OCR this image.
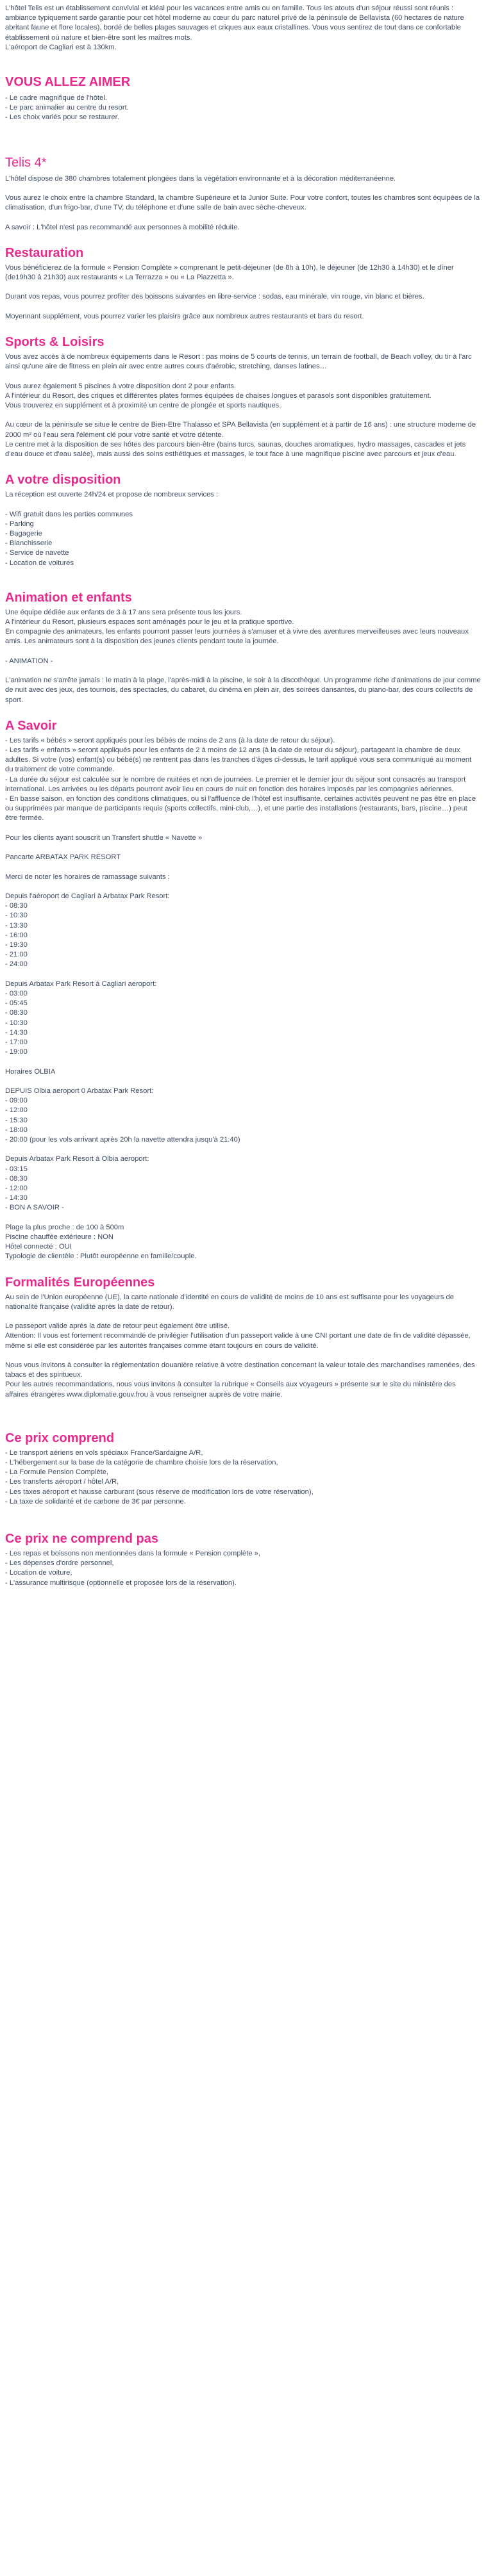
L'hôtel Telis est un établissement convivial et idéal pour les vacances entre amis ou en famille. Tous les atouts d'un séjour réussi sont réunis : ambiance typiquement sarde garantie pour cet hôtel moderne au cœur du parc naturel privé de la péninsule de Bellavista (60 hectares de nature abritant faune et flore locales), bordé de belles plages sauvages et criques aux eaux cristallines. Vous vous sentirez de tout dans ce confortable établissement où nature et bien-être sont les maîtres mots.

L'aéroport de Cagliari est à 130km.

VOUS ALLEZ AIMER
- Le cadre magnifique de l'hôtel.
- Le parc animalier au centre du resort.
- Les choix variés pour se restaurer.
Telis 4*

L'hôtel dispose de 380 chambres totalement plongées dans la végétation environnante et à la décoration méditerranéenne.

Vous aurez le choix entre la chambre Standard, la chambre Supérieure et la Junior Suite. Pour votre confort, toutes les chambres sont équipées de la climatisation, d'un frigo-bar, d'une TV, du téléphone et d'une salle de bain avec sèche-cheveux.

A savoir : L'hôtel n'est pas recommandé aux personnes à mobilité réduite.

Restauration

Vous bénéficierez de la formule « Pension Complète » comprenant le petit-déjeuner (de 8h à 10h), le déjeuner (de 12h30 à 14h30) et le dîner (de19h30 à 21h30) aux restaurants « La Terrazza » ou « La Piazzetta ».

Durant vos repas, vous pourrez profiter des boissons suivantes en libre-service : sodas, eau minérale, vin rouge, vin blanc et bières.

Moyennant supplément, vous pourrez varier les plaisirs grâce aux nombreux autres restaurants et bars du resort.

Sports & Loisirs

Vous avez accès à de nombreux équipements dans le Resort : pas moins de 5 courts de tennis, un terrain de football, de Beach volley, du tir à l'arc ainsi qu'une aire de fitness en plein air avec entre autres cours d'aérobic, stretching, danses latines…

Vous aurez également 5 piscines à votre disposition dont 2 pour enfants.

A l'intérieur du Resort, des criques et différentes plates formes équipées de chaises longues et parasols sont disponibles gratuitement.

Vous trouverez en supplément et à proximité un centre de plongée et sports nautiques.

Au cœur de la péninsule se situe le centre de Bien-Etre Thalasso et SPA Bellavista (en supplément et à partir de 16 ans) : une structure moderne de 2000 m² où l'eau sera l'élément clé pour votre santé et votre détente.

Le centre met à la disposition de ses hôtes des parcours bien-être (bains turcs, saunas, douches aromatiques, hydro massages, cascades et jets d'eau douce et d'eau salée), mais aussi des soins esthétiques et massages, le tout face à une magnifique piscine avec parcours et jeux d'eau.

A votre disposition

La réception est ouverte 24h/24 et propose de nombreux services :

- Wifi gratuit dans les parties communes
- Parking
- Bagagerie
- Blanchisserie
- Service de navette
- Location de voitures
Animation et enfants

Une équipe dédiée aux enfants de 3 à 17 ans sera présente tous les jours.

A l'intérieur du Resort, plusieurs espaces sont aménagés pour le jeu et la pratique sportive.

En compagnie des animateurs, les enfants pourront passer leurs journées à s'amuser et à vivre des aventures merveilleuses avec leurs nouveaux amis. Les animateurs sont à la disposition des jeunes clients pendant toute la journée.

- ANIMATION -

L'animation ne s'arrête jamais : le matin à la plage, l'après-midi à la piscine, le soir à la discothèque. Un programme riche d'animations de jour comme de nuit avec des jeux, des tournois, des spectacles, du cabaret, du cinéma en plein air, des soirées dansantes, du piano-bar, des cours collectifs de sport.

A Savoir

- Les tarifs « bébés » seront appliqués pour les bébés de moins de 2 ans (à la date de retour du séjour).

- Les tarifs « enfants » seront appliqués pour les enfants de 2 à moins de 12 ans (à la date de retour du séjour), partageant la chambre de deux adultes. Si votre (vos) enfant(s) ou bébé(s) ne rentrent pas dans les tranches d'âges ci-dessus, le tarif appliqué vous sera communiqué au moment du traitement de votre commande.

- La durée du séjour est calculée sur le nombre de nuitées et non de journées. Le premier et le dernier jour du séjour sont consacrés au transport international. Les arrivées ou les départs pourront avoir lieu en cours de nuit en fonction des horaires imposés par les compagnies aériennes.

- En basse saison, en fonction des conditions climatiques, ou si l'affluence de l'hôtel est insuffisante, certaines activités peuvent ne pas être en place ou supprimées par manque de participants requis (sports collectifs, mini-club,…), et une partie des installations (restaurants, bars, piscine…) peut être fermée.

Pour les clients ayant souscrit un Transfert shuttle « Navette »

Pancarte ARBATAX PARK RESORT

Merci de noter les horaires de ramassage suivants :

Depuis l'aéroport de Cagliari à Arbatax Park Resort:

- 08:30
- 10:30
- 13:30
- 16:00
- 19:30
- 21:00
- 24:00

Depuis Arbatax Park Resort à Cagliari aeroport:

- 03:00
- 05:45
- 08:30
- 10:30
- 14:30
- 17:00
- 19:00

Horaires OLBIA

DEPUIS Olbia aeroport 0 Arbatax Park Resort:

- 09:00
- 12:00
- 15:30
- 18:00
- 20:00 (pour les vols arrivant après 20h la navette attendra jusqu'à 21:40)

Depuis Arbatax Park Resort à Olbia aeroport:

- 03:15
- 08:30
- 12:00
- 14:30
- BON A SAVOIR -
Plage la plus proche : de 100 à 500m
Piscine chauffée extérieure : NON
Hôtel connecté : OUI
Typologie de clientèle : Plutôt européenne en famille/couple.
Formalités Européennes

Au sein de l'Union européenne (UE), la carte nationale d'identité en cours de validité de moins de 10 ans est suffisante pour les voyageurs de nationalité française (validité après la date de retour).

Le passeport valide après la date de retour peut également être utilisé.

Attention: Il vous est fortement recommandé de privilégier l'utilisation d'un passeport valide à une CNI portant une date de fin de validité dépassée, même si elle est considérée par les autorités françaises comme étant toujours en cours de validité.

Nous vous invitons à consulter la réglementation douanière relative à votre destination concernant la valeur totale des marchandises ramenées, des tabacs et des spiritueux.

Pour les autres recommandations, nous vous invitons à consulter la rubrique « Conseils aux voyageurs » présente sur le site du ministère des affaires étrangères www.diplomatie.gouv.frou à vous renseigner auprès de votre mairie.

Ce prix comprend
- Le transport aériens en vols spéciaux France/Sardaigne A/R,
- L'hébergement sur la base de la catégorie de chambre choisie lors de la réservation,
- La Formule Pension Complète,
- Les transferts aéroport / hôtel A/R,
- Les taxes aéroport et hausse carburant (sous réserve de modification lors de votre réservation),
- La taxe de solidarité et de carbone de 3€ par personne.
Ce prix ne comprend pas
- Les repas et boissons non mentionnées dans la formule « Pension complète »,
- Les dépenses d'ordre personnel,
- Location de voiture,
- L'assurance multirisque (optionnelle et proposée lors de la réservation).
